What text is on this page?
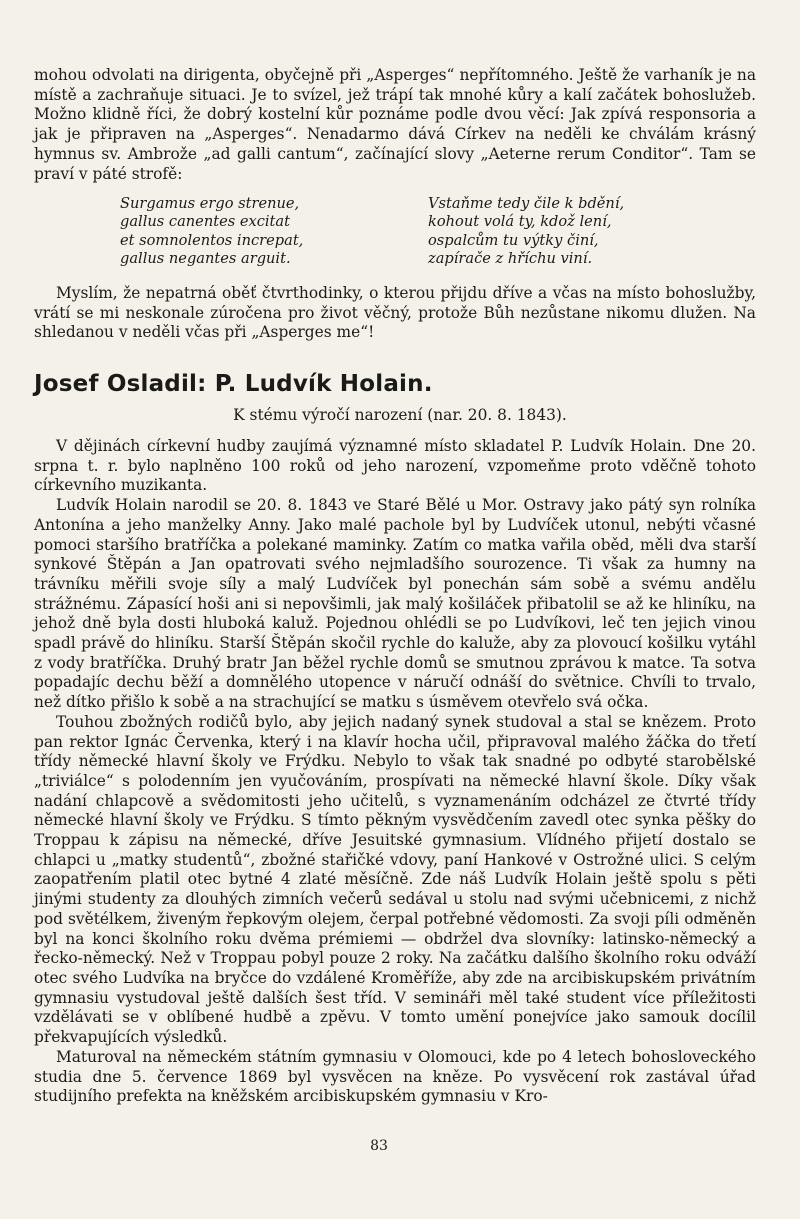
mohou odvolati na dirigenta, obyčejně při „Asperges“ nepřítomného. Ještě že varhaník je na místě a zachraňuje situaci. Je to svízel, jež trápí tak mnohé kůry a kalí začátek bohoslužeb. Možno klidně říci, že dobrý kostelní kůr poznáme podle dvou věcí: Jak zpívá responsoria a jak je připraven na „Asperges“. Nenadarmo dává Církev na neděli ke chválám krásný hymnus sv. Ambrože „ad galli cantum“, začínající slovy „Aeterne rerum Conditor“. Tam se praví v páté strofě:

Surgamus ergo strenue,
gallus canentes excitat
et somnolentos increpat,
gallus negantes arguit.
Vstaňme tedy čile k bdění,
kohout volá ty, kdož lení,
ospalcům tu výtky činí,
zapírače z hříchu viní.

Myslím, že nepatrná oběť čtvrthodinky, o kterou přijdu dříve a včas na místo bohoslužby, vrátí se mi neskonale zúročena pro život věčný, protože Bůh nezůstane nikomu dlužen. Na shledanou v neděli včas při „Asperges me“!

Josef Osladil: P. Ludvík Holain.

K stému výročí narození (nar. 20. 8. 1843).

V dějinách církevní hudby zaujímá významné místo skladatel P. Ludvík Holain. Dne 20. srpna t. r. bylo naplněno 100 roků od jeho narození, vzpomeňme proto vděčně tohoto církevního muzikanta.

Ludvík Holain narodil se 20. 8. 1843 ve Staré Bělé u Mor. Ostravy jako pátý syn rolníka Antonína a jeho manželky Anny. Jako malé pachole byl by Ludvíček utonul, nebýti včasné pomoci staršího bratříčka a polekané maminky. Zatím co matka vařila oběd, měli dva starší synkové Štěpán a Jan opatrovati svého nejmladšího sourozence. Ti však za humny na trávníku měřili svoje síly a malý Ludvíček byl ponechán sám sobě a svému andělu strážnému. Zápasící hoši ani si nepovšimli, jak malý košiláček přibatolil se až ke hliníku, na jehož dně byla dosti hluboká kaluž. Pojednou ohlédli se po Ludvíkovi, leč ten jejich vinou spadl právě do hliníku. Starší Štěpán skočil rychle do kaluže, aby za plovoucí košilku vytáhl z vody bratříčka. Druhý bratr Jan běžel rychle domů se smutnou zprávou k matce. Ta sotva popadajíc dechu běží a domnělého utopence v náručí odnáší do světnice. Chvíli to trvalo, než dítko přišlo k sobě a na strachující se matku s úsměvem otevřelo svá očka.

Touhou zbožných rodičů bylo, aby jejich nadaný synek studoval a stal se knězem. Proto pan rektor Ignác Červenka, který i na klavír hocha učil, připravoval malého žáčka do třetí třídy německé hlavní školy ve Frýdku. Nebylo to však tak snadné po odbyté starobělské „triviálce“ s polodenním jen vyučováním, prospívati na německé hlavní škole. Díky však nadání chlapcově a svědomitosti jeho učitelů, s vyznamenáním odcházel ze čtvrté třídy německé hlavní školy ve Frýdku. S tímto pěkným vysvědčením zavedl otec synka pěšky do Troppau k zápisu na německé, dříve Jesuitské gymnasium. Vlídného přijetí dostalo se chlapci u „matky studentů“, zbožné stařičké vdovy, paní Hankové v Ostrožné ulici. S celým zaopatřením platil otec bytné 4 zlaté měsíčně. Zde náš Ludvík Holain ještě spolu s pěti jinými studenty za dlouhých zimních večerů sedával u stolu nad svými učebnicemi, z nichž pod světélkem, živeným řepkovým olejem, čerpal potřebné vědomosti. Za svoji píli odměněn byl na konci školního roku dvěma prémiemi — obdržel dva slovníky: latinsko-německý a řecko-německý. Než v Troppau pobyl pouze 2 roky. Na začátku dalšího školního roku odváží otec svého Ludvíka na bryčce do vzdálené Kroměříže, aby zde na arcibiskupském privátním gymnasiu vystudoval ještě dalších šest tříd. V semináři měl také student více příležitosti vzdělávati se v oblíbené hudbě a zpěvu. V tomto umění ponejvíce jako samouk docílil překvapujících výsledků.

Maturoval na německém státním gymnasiu v Olomouci, kde po 4 letech bohosloveckého studia dne 5. července 1869 byl vysvěcen na kněze. Po vysvěcení rok zastával úřad studijního prefekta na kněžském arcibiskupském gymnasiu v Kro-

83
